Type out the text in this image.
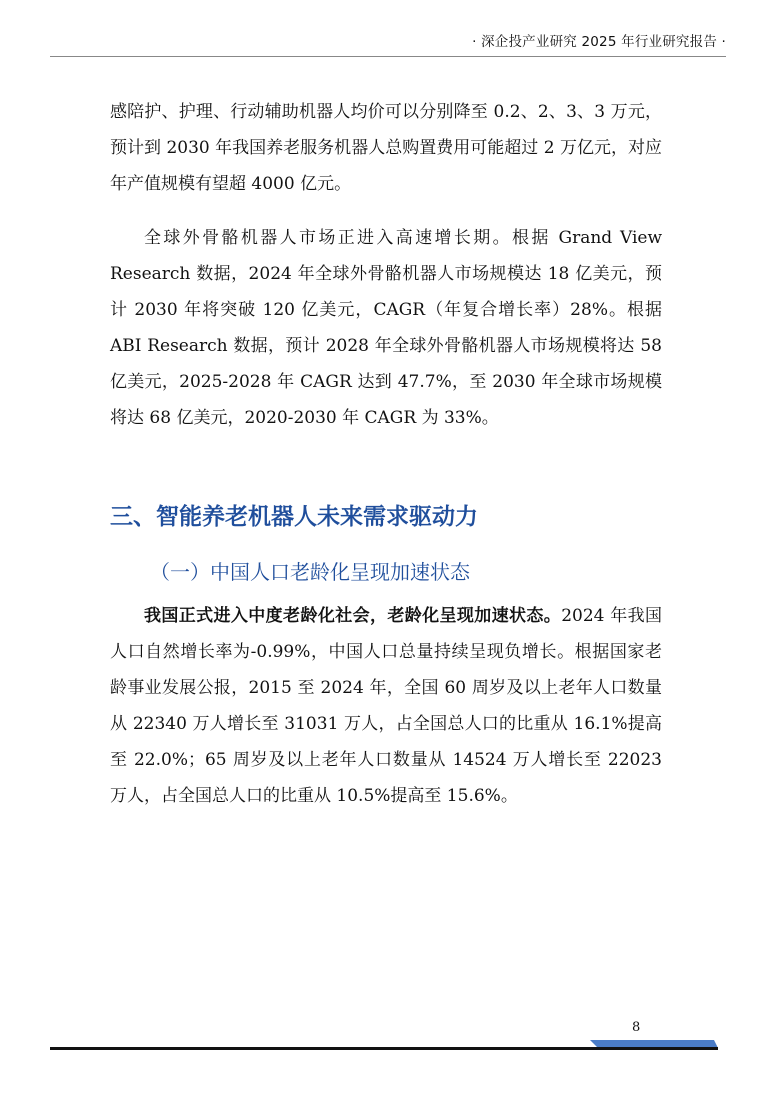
· 深企投产业研究 2025 年行业研究报告 ·

感陪护、护理、行动辅助机器人均价可以分别降至 0.2、2、3、3 万元，预计到 2030 年我国养老服务机器人总购置费用可能超过 2 万亿元，对应年产值规模有望超 4000 亿元。

全球外骨骼机器人市场正进入高速增长期。根据 Grand View Research 数据，2024 年全球外骨骼机器人市场规模达 18 亿美元，预计 2030 年将突破 120 亿美元，CAGR（年复合增长率）28%。根据 ABI Research 数据，预计 2028 年全球外骨骼机器人市场规模将达 58 亿美元，2025-2028 年 CAGR 达到 47.7%，至 2030 年全球市场规模将达 68 亿美元，2020-2030 年 CAGR 为 33%。

三、智能养老机器人未来需求驱动力
（一）中国人口老龄化呈现加速状态

我国正式进入中度老龄化社会，老龄化呈现加速状态。2024 年我国人口自然增长率为-0.99%，中国人口总量持续呈现负增长。根据国家老龄事业发展公报，2015 至 2024 年，全国 60 周岁及以上老年人口数量从 22340 万人增长至 31031 万人，占全国总人口的比重从 16.1%提高至 22.0%；65 周岁及以上老年人口数量从 14524 万人增长至 22023 万人，占全国总人口的比重从 10.5%提高至 15.6%。

8
